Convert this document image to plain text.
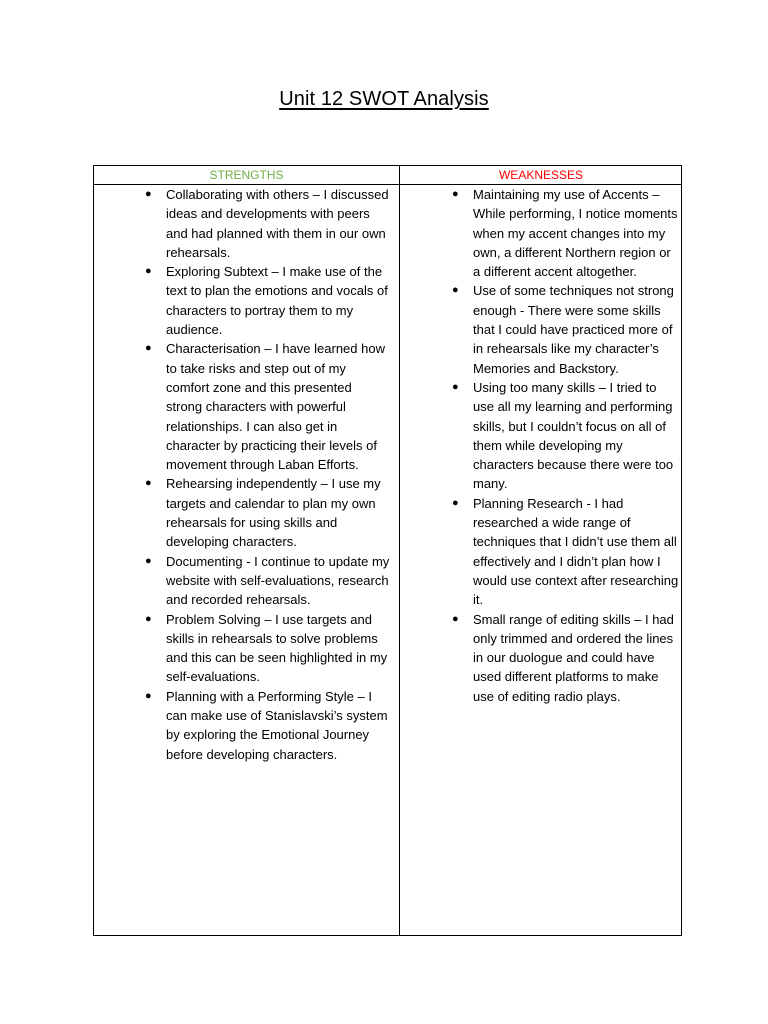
Unit 12 SWOT Analysis
STRENGTHS	WEAKNESSES
● Collaborating with others – I discussed ideas and developments with peers and had planned with them in our own rehearsals.
● Exploring Subtext – I make use of the text to plan the emotions and vocals of characters to portray them to my audience.
● Characterisation – I have learned how to take risks and step out of my comfort zone and this presented strong characters with powerful relationships. I can also get in character by practicing their levels of movement through Laban Efforts.
● Rehearsing independently – I use my targets and calendar to plan my own rehearsals for using skills and developing characters.
● Documenting - I continue to update my website with self-evaluations, research and recorded rehearsals.
● Problem Solving – I use targets and skills in rehearsals to solve problems and this can be seen highlighted in my self-evaluations.
● Planning with a Performing Style – I can make use of Stanislavski’s system by exploring the Emotional Journey before developing characters.
● Maintaining my use of Accents – While performing, I notice moments when my accent changes into my own, a different Northern region or a different accent altogether.
● Use of some techniques not strong enough - There were some skills that I could have practiced more of in rehearsals like my character’s Memories and Backstory.
● Using too many skills – I tried to use all my learning and performing skills, but I couldn’t focus on all of them while developing my characters because there were too many.
● Planning Research - I had researched a wide range of techniques that I didn’t use them all effectively and I didn’t plan how I would use context after researching it.
● Small range of editing skills – I had only trimmed and ordered the lines in our duologue and could have used different platforms to make use of editing radio plays.
